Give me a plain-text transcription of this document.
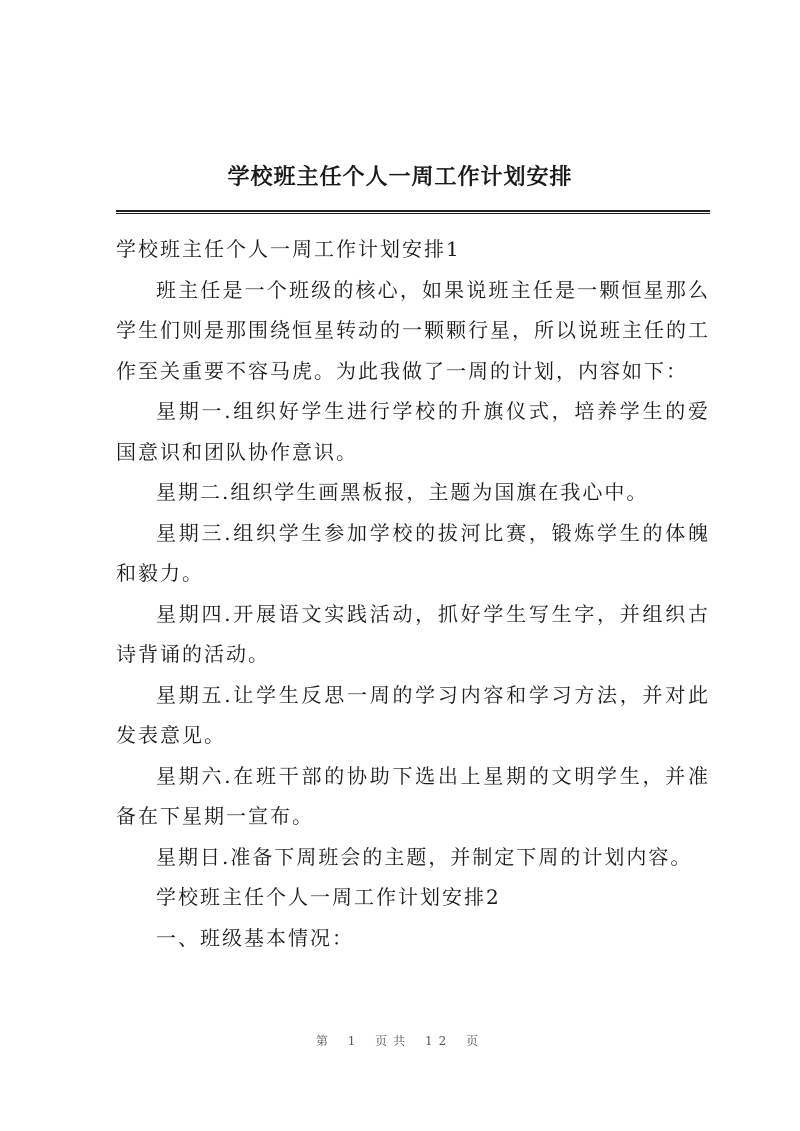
学校班主任个人一周工作计划安排

学校班主任个人一周工作计划安排1

班主任是一个班级的核心，如果说班主任是一颗恒星那么学生们则是那围绕恒星转动的一颗颗行星，所以说班主任的工作至关重要不容马虎。为此我做了一周的计划，内容如下：

星期一.组织好学生进行学校的升旗仪式，培养学生的爱国意识和团队协作意识。

星期二.组织学生画黑板报，主题为国旗在我心中。

星期三.组织学生参加学校的拔河比赛，锻炼学生的体魄和毅力。

星期四.开展语文实践活动，抓好学生写生字，并组织古诗背诵的活动。

星期五.让学生反思一周的学习内容和学习方法，并对此发表意见。

星期六.在班干部的协助下选出上星期的文明学生，并准备在下星期一宣布。

星期日.准备下周班会的主题，并制定下周的计划内容。

学校班主任个人一周工作计划安排2

一、班级基本情况：

第 1 页共 12 页
